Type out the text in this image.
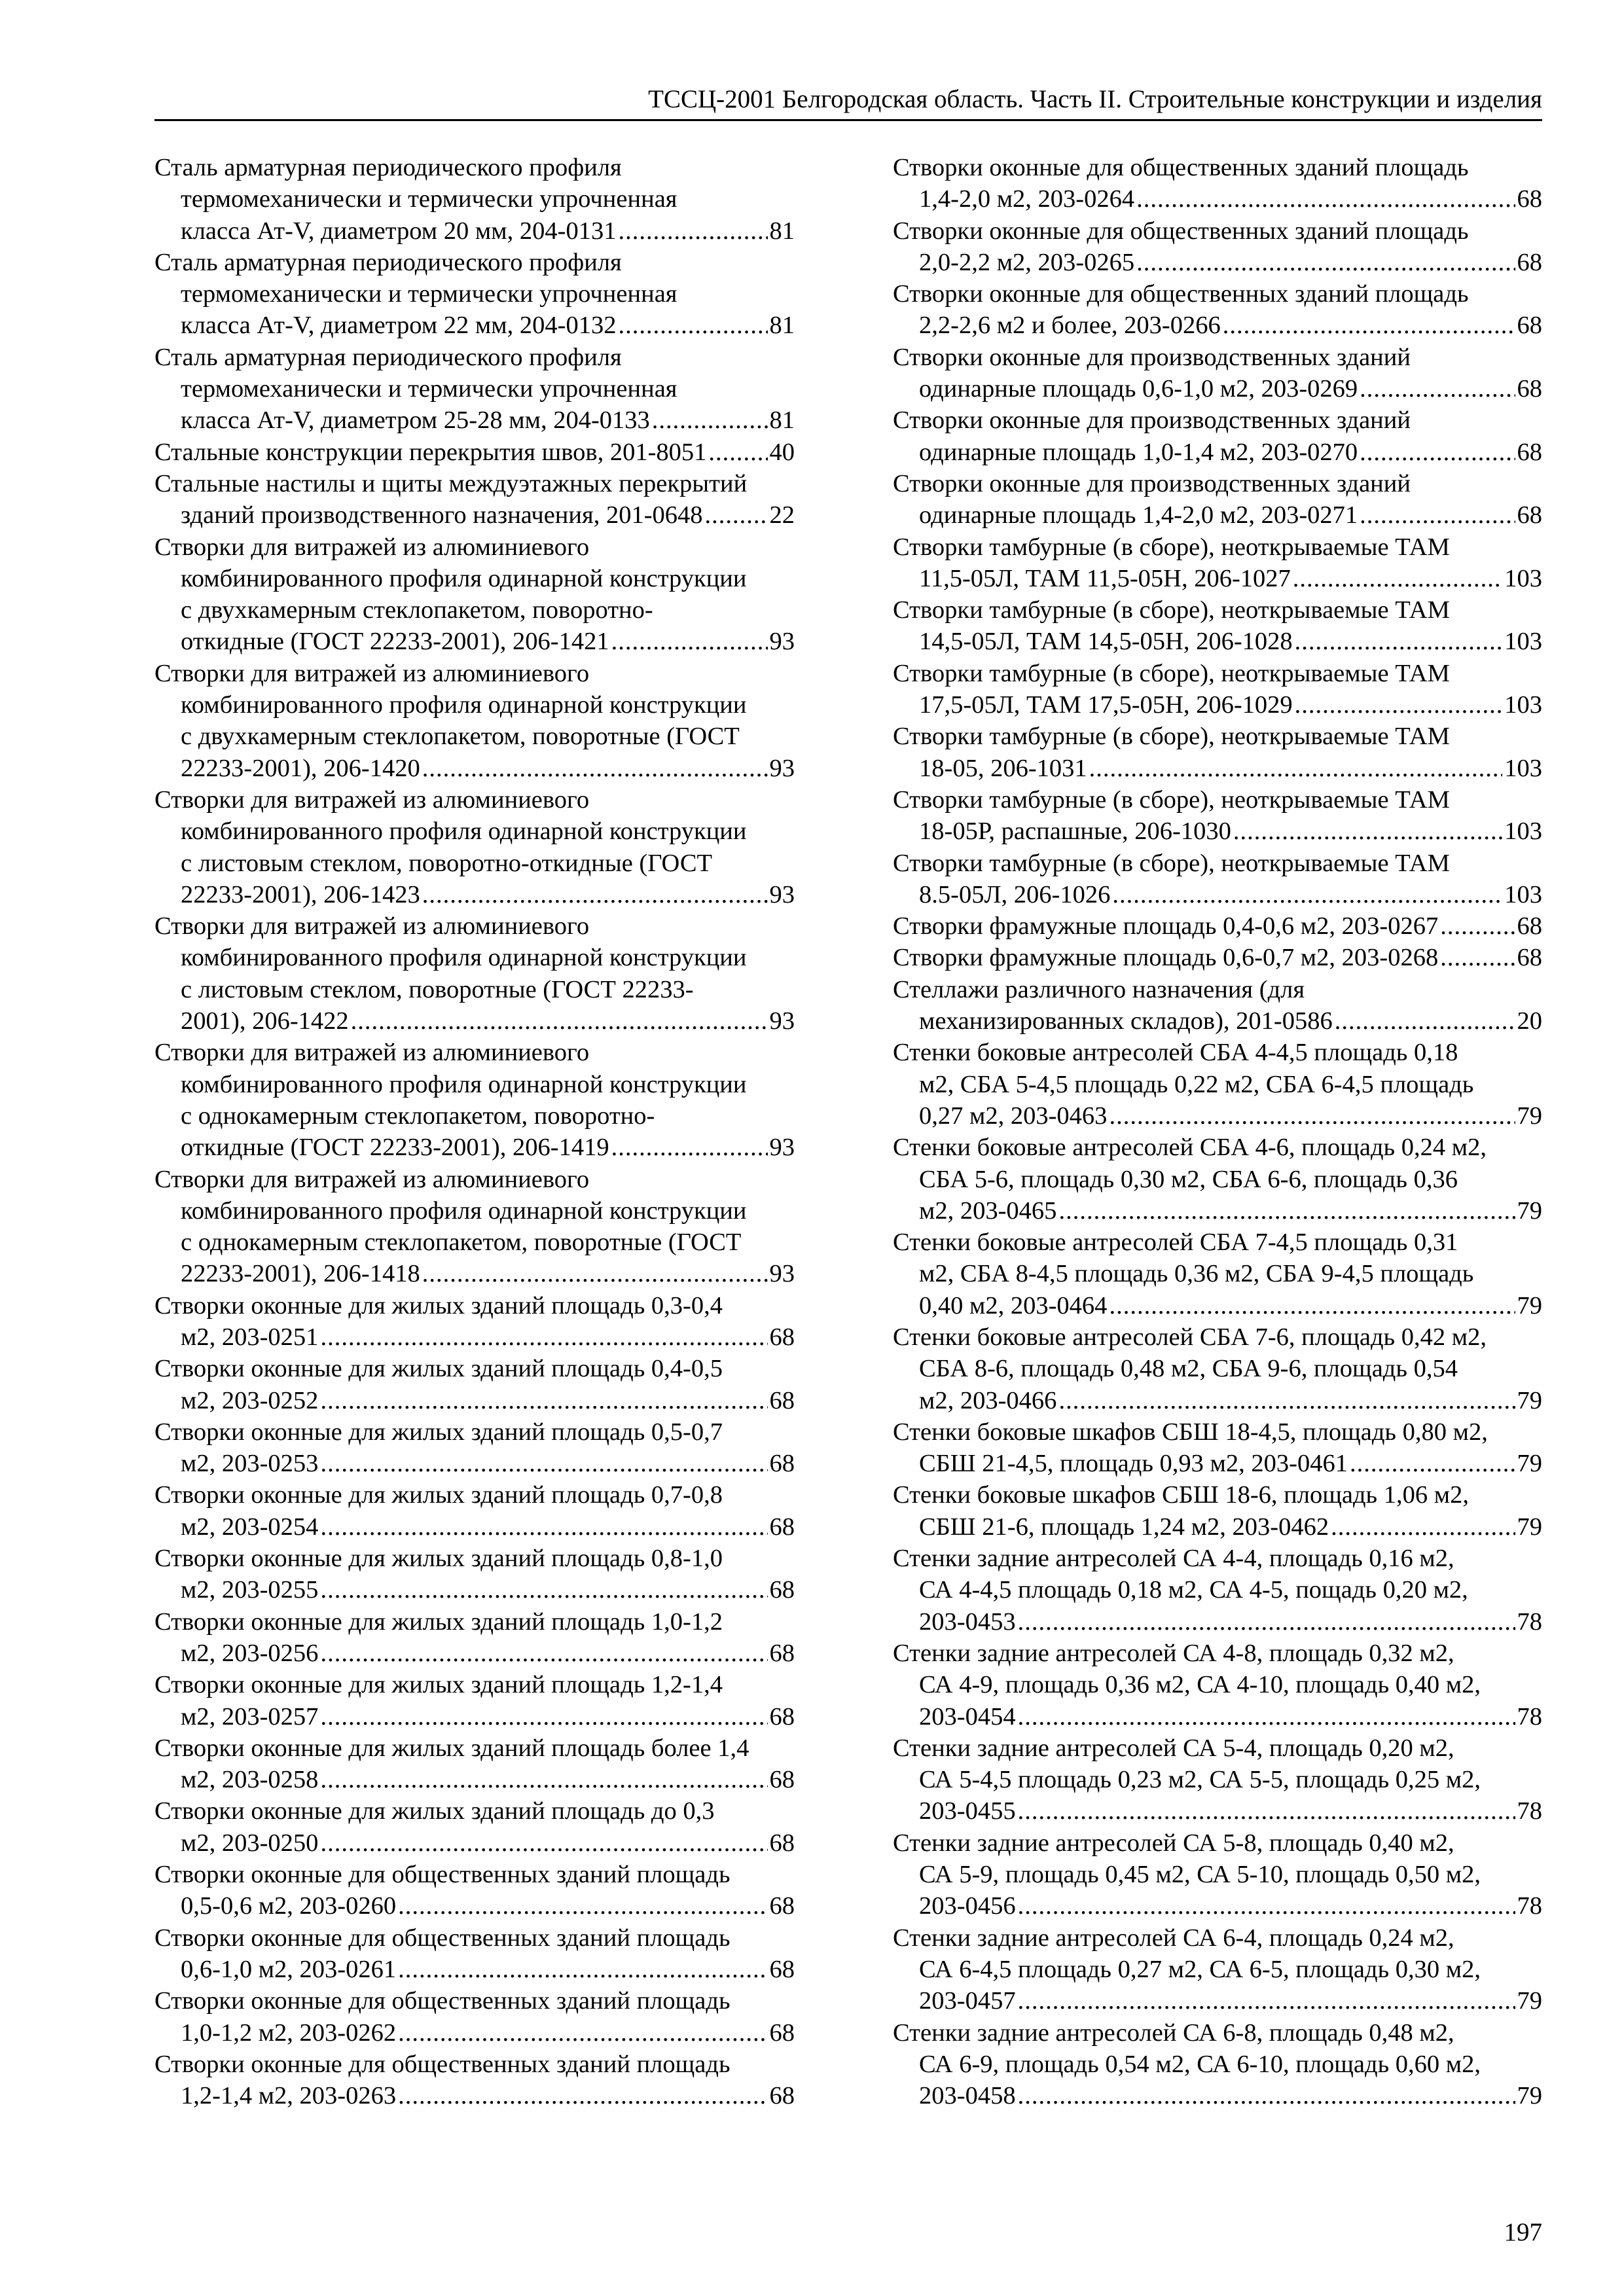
ТССЦ-2001 Белгородская область. Часть II. Строительные конструкции и изделия
Сталь арматурная периодического профиля
термомеханически и термически упрочненная
класса Ат-V, диаметром 20 мм, 204-0131 .....	81
Сталь арматурная периодического профиля
термомеханически и термически упрочненная
класса Ат-V, диаметром 22 мм, 204-0132 .....	81
Сталь арматурная периодического профиля
термомеханически и термически упрочненная
класса Ат-V, диаметром 25-28 мм, 204-0133 .....	81
Стальные конструкции перекрытия швов, 201-8051 ..... 40
Стальные настилы и щиты междуэтажных перекрытий
зданий производственного назначения, 201-0648 .....	22
Створки для витражей из алюминиевого
комбинированного профиля одинарной конструкции
с двухкамерным стеклопакетом, поворотно-
откидные (ГОСТ 22233-2001), 206-1421 .....	93
Створки для витражей из алюминиевого
комбинированного профиля одинарной конструкции
с двухкамерным стеклопакетом, поворотные (ГОСТ
22233-2001), 206-1420 .....	93
Створки для витражей из алюминиевого
комбинированного профиля одинарной конструкции
с листовым стеклом, поворотно-откидные (ГОСТ
22233-2001), 206-1423 .....	93
Створки для витражей из алюминиевого
комбинированного профиля одинарной конструкции
с листовым стеклом, поворотные (ГОСТ 22233-
2001), 206-1422 .....	93
Створки для витражей из алюминиевого
комбинированного профиля одинарной конструкции
с однокамерным стеклопакетом, поворотно-
откидные (ГОСТ 22233-2001), 206-1419 .....	93
Створки для витражей из алюминиевого
комбинированного профиля одинарной конструкции
с однокамерным стеклопакетом, поворотные (ГОСТ
22233-2001), 206-1418 .....	93
Створки оконные для жилых зданий площадь 0,3-0,4
м2, 203-0251 .....	68
Створки оконные для жилых зданий площадь 0,4-0,5
м2, 203-0252 .....	68
Створки оконные для жилых зданий площадь 0,5-0,7
м2, 203-0253 .....	68
Створки оконные для жилых зданий площадь 0,7-0,8
м2, 203-0254 .....	68
Створки оконные для жилых зданий площадь 0,8-1,0
м2, 203-0255 .....	68
Створки оконные для жилых зданий площадь 1,0-1,2
м2, 203-0256 .....	68
Створки оконные для жилых зданий площадь 1,2-1,4
м2, 203-0257 .....	68
Створки оконные для жилых зданий площадь более 1,4
м2, 203-0258 .....	68
Створки оконные для жилых зданий площадь до 0,3
м2, 203-0250 .....	68
Створки оконные для общественных зданий площадь
0,5-0,6 м2, 203-0260 .....	68
Створки оконные для общественных зданий площадь
0,6-1,0 м2, 203-0261 .....	68
Створки оконные для общественных зданий площадь
1,0-1,2 м2, 203-0262 .....	68
Створки оконные для общественных зданий площадь
1,2-1,4 м2, 203-0263 .....	68
Створки оконные для общественных зданий площадь
1,4-2,0 м2, 203-0264 .....	68
Створки оконные для общественных зданий площадь
2,0-2,2 м2, 203-0265 .....	68
Створки оконные для общественных зданий площадь
2,2-2,6 м2 и более, 203-0266 .....	68
Створки оконные для производственных зданий
одинарные площадь 0,6-1,0 м2, 203-0269 .....	68
Створки оконные для производственных зданий
одинарные площадь 1,0-1,4 м2, 203-0270 .....	68
Створки оконные для производственных зданий
одинарные площадь 1,4-2,0 м2, 203-0271 .....	68
Створки тамбурные (в сборе), неоткрываемые ТАМ
11,5-05Л, ТАМ 11,5-05Н, 206-1027 .....	103
Створки тамбурные (в сборе), неоткрываемые ТАМ
14,5-05Л, ТАМ 14,5-05Н, 206-1028 .....	103
Створки тамбурные (в сборе), неоткрываемые ТАМ
17,5-05Л, ТАМ 17,5-05Н, 206-1029 .....	103
Створки тамбурные (в сборе), неоткрываемые ТАМ
18-05, 206-1031 .....	103
Створки тамбурные (в сборе), неоткрываемые ТАМ
18-05Р, распашные, 206-1030 .....	103
Створки тамбурные (в сборе), неоткрываемые ТАМ
8.5-05Л, 206-1026 .....	103
Створки фрамужные площадь 0,4-0,6 м2, 203-0267 .....	68
Створки фрамужные площадь 0,6-0,7 м2, 203-0268 .....	68
Стеллажи различного назначения (для
механизированных складов), 201-0586 .....	20
Стенки боковые антресолей СБА 4-4,5 площадь 0,18
м2, СБА 5-4,5 площадь 0,22 м2, СБА 6-4,5 площадь
0,27 м2, 203-0463 .....	79
Стенки боковые антресолей СБА 4-6, площадь 0,24 м2,
СБА 5-6, площадь 0,30 м2, СБА 6-6, площадь 0,36
м2, 203-0465 .....	79
Стенки боковые антресолей СБА 7-4,5 площадь 0,31
м2, СБА 8-4,5 площадь 0,36 м2, СБА 9-4,5 площадь
0,40 м2, 203-0464 .....	79
Стенки боковые антресолей СБА 7-6, площадь 0,42 м2,
СБА 8-6, площадь 0,48 м2, СБА 9-6, площадь 0,54
м2, 203-0466 .....	79
Стенки боковые шкафов СБШ 18-4,5, площадь 0,80 м2,
СБШ 21-4,5, площадь 0,93 м2, 203-0461 .....	79
Стенки боковые шкафов СБШ 18-6, площадь 1,06 м2,
СБШ 21-6, площадь 1,24 м2, 203-0462 .....	79
Стенки задние антресолей СА 4-4, площадь 0,16 м2,
СА 4-4,5 площадь 0,18 м2, СА 4-5, пощадь 0,20 м2,
203-0453 .....	78
Стенки задние антресолей СА 4-8, площадь 0,32 м2,
СА 4-9, площадь 0,36 м2, СА 4-10, площадь 0,40 м2,
203-0454 .....	78
Стенки задние антресолей СА 5-4, площадь 0,20 м2,
СА 5-4,5 площадь 0,23 м2, СА 5-5, площадь 0,25 м2,
203-0455 .....	78
Стенки задние антресолей СА 5-8, площадь 0,40 м2,
СА 5-9, площадь 0,45 м2, СА 5-10, площадь 0,50 м2,
203-0456 .....	78
Стенки задние антресолей СА 6-4, площадь 0,24 м2,
СА 6-4,5 площадь 0,27 м2, СА 6-5, площадь 0,30 м2,
203-0457 .....	79
Стенки задние антресолей СА 6-8, площадь 0,48 м2,
СА 6-9, площадь 0,54 м2, СА 6-10, площадь 0,60 м2,
203-0458 .....	79
197
